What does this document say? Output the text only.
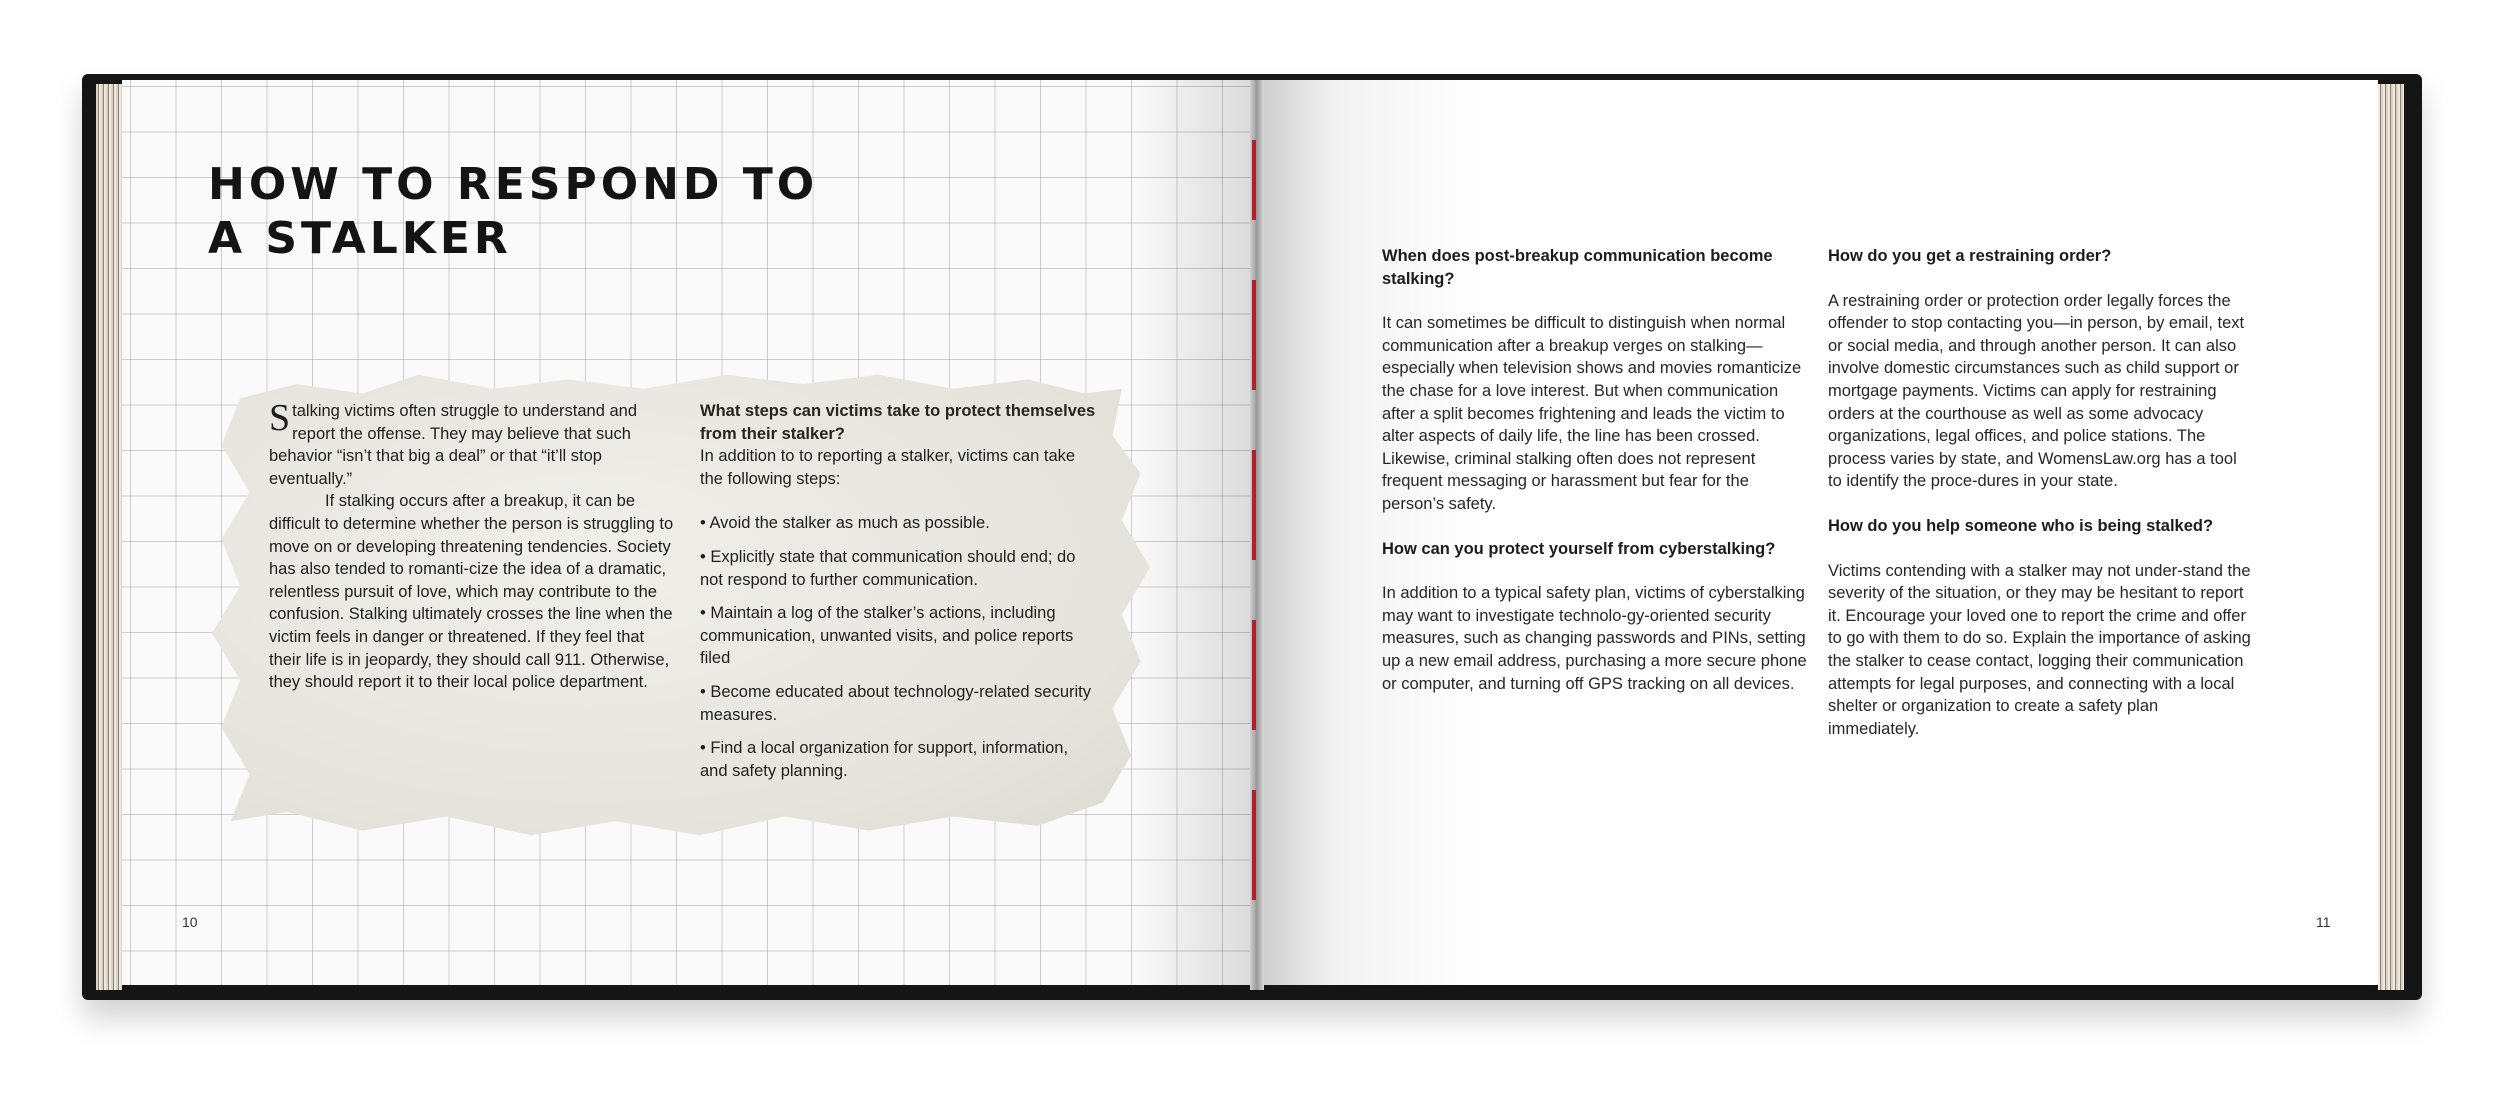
HOW TO RESPOND TO
A STALKER

Stalking victims often struggle to understand and report the offense. They may believe that such behavior “isn’t that big a deal” or that “it’ll stop eventually.”

If stalking occurs after a breakup, it can be difficult to determine whether the person is struggling to move on or developing threatening tendencies. Society has also tended to romanti-cize the idea of a dramatic, relentless pursuit of love, which may contribute to the confusion. Stalking ultimately crosses the line when the victim feels in danger or threatened. If they feel that their life is in jeopardy, they should call 911. Otherwise, they should report it to their local police department.

What steps can victims take to protect themselves from their stalker?

In addition to to reporting a stalker, victims can take the following steps:

• Avoid the stalker as much as possible.
• Explicitly state that communication should end; do not respond to further communication.
• Maintain a log of the stalker’s actions, including communication, unwanted visits, and police reports filed
• Become educated about technology-related security measures.
• Find a local organization for support, information, and safety planning.
10
When does post-breakup communication become stalking?

It can sometimes be difficult to distinguish when normal communication after a breakup verges on stalking—especially when television shows and movies romanticize the chase for a love interest. But when communication after a split becomes frightening and leads the victim to alter aspects of daily life, the line has been crossed. Likewise, criminal stalking often does not represent frequent messaging or harassment but fear for the person’s safety.

How can you protect yourself from cyberstalking?

In addition to a typical safety plan, victims of cyberstalking may want to investigate technolo-gy-oriented security measures, such as changing passwords and PINs, setting up a new email address, purchasing a more secure phone or computer, and turning off GPS tracking on all devices.

How do you get a restraining order?

A restraining order or protection order legally forces the offender to stop contacting you—in person, by email, text or social media, and through another person. It can also involve domestic circumstances such as child support or mortgage payments. Victims can apply for restraining orders at the courthouse as well as some advocacy organizations, legal offices, and police stations. The process varies by state, and WomensLaw.org has a tool to identify the proce-dures in your state.

How do you help someone who is being stalked?

Victims contending with a stalker may not under-stand the severity of the situation, or they may be hesitant to report it. Encourage your loved one to report the crime and offer to go with them to do so. Explain the importance of asking the stalker to cease contact, logging their communication attempts for legal purposes, and connecting with a local shelter or organization to create a safety plan immediately.

11
